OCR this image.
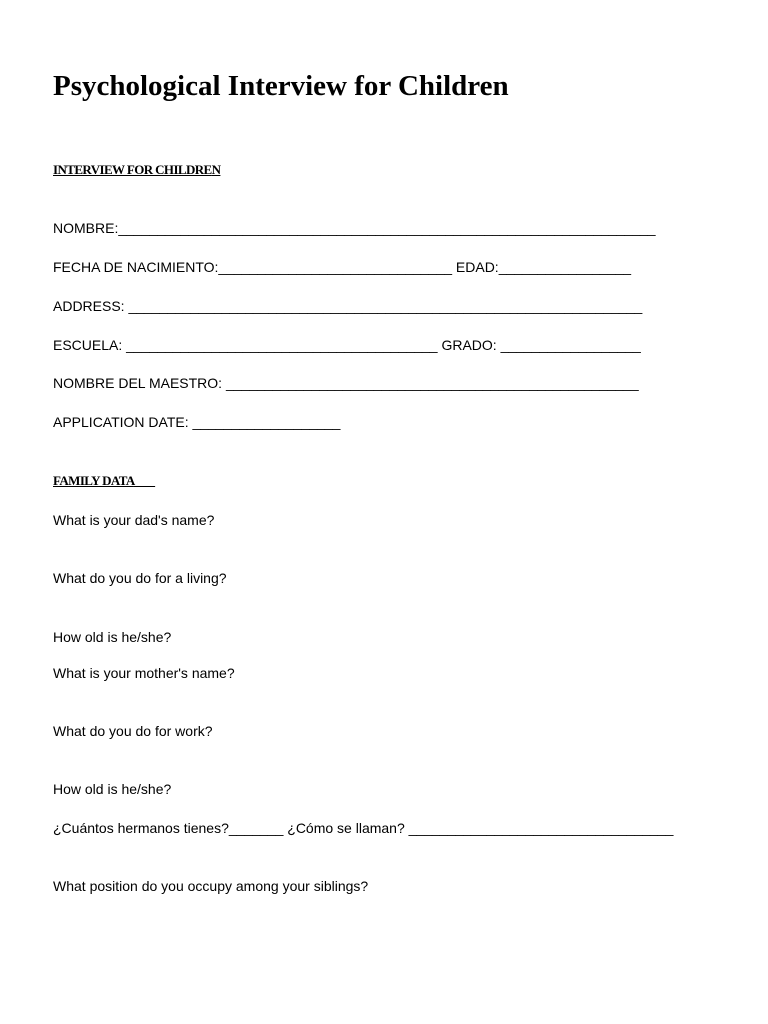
Psychological Interview for Children
INTERVIEW FOR CHILDREN
NOMBRE:_____________________________________________________________________
FECHA DE NACIMIENTO:______________________________ EDAD:_________________
ADDRESS: __________________________________________________________________
ESCUELA: ________________________________________ GRADO: __________________
NOMBRE DEL MAESTRO: _____________________________________________________
APPLICATION DATE: ___________________
FAMILY DATA
What is your dad's name?
What do you do for a living?
How old is he/she?
What is your mother's name?
What do you do for work?
How old is he/she?
¿Cuántos hermanos tienes?_______ ¿Cómo se llaman? __________________________________
What position do you occupy among your siblings?
